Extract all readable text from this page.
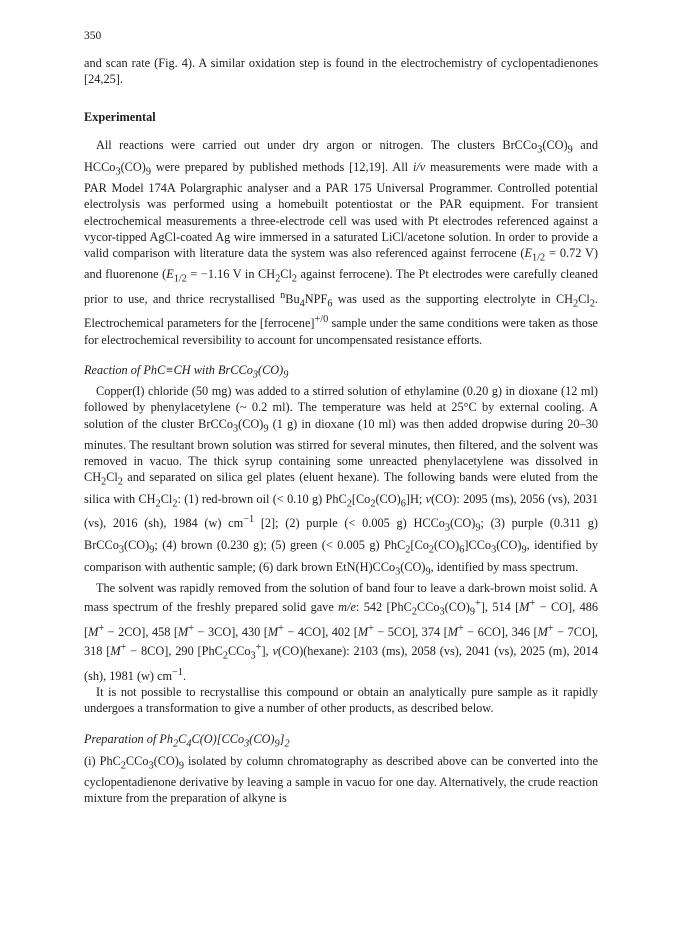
350

and scan rate (Fig. 4). A similar oxidation step is found in the electrochemistry of cyclopentadienones [24,25].

Experimental

All reactions were carried out under dry argon or nitrogen. The clusters $BrCCo_3(CO)_9$ and $HCCo_3(CO)_9$ were prepared by published methods [12,19]. All i/v measurements were made with a PAR Model 174A Polargraphic analyser and a PAR 175 Universal Programmer. Controlled potential electrolysis was performed using a homebuilt potentiostat or the PAR equipment. For transient electrochemical measurements a three-electrode cell was used with Pt electrodes referenced against a vycor-tipped AgCl-coated Ag wire immersed in a saturated LiCl/acetone solution. In order to provide a valid comparison with literature data the system was also referenced against ferrocene ($E_{1/2} = 0.72$ V) and fluorenone ($E_{1/2} = -1.16$ V in $CH_2Cl_2$ against ferrocene). The Pt electrodes were carefully cleaned prior to use, and thrice recrystallised $^nBu_4NPF_6$ was used as the supporting electrolyte in $CH_2Cl_2$. Electrochemical parameters for the [ferrocene]$^{+/0}$ sample under the same conditions were taken as those for electrochemical reversibility to account for uncompensated resistance efforts.

Reaction of PhC≡CH with $BrCCo_3(CO)_9$

Copper(I) chloride (50 mg) was added to a stirred solution of ethylamine (0.20 g) in dioxane (12 ml) followed by phenylacetylene (~ 0.2 ml). The temperature was held at 25°C by external cooling. A solution of the cluster $BrCCo_3(CO)_9$ (1 g) in dioxane (10 ml) was then added dropwise during 20–30 minutes. The resultant brown solution was stirred for several minutes, then filtered, and the solvent was removed in vacuo. The thick syrup containing some unreacted phenylacetylene was dissolved in $CH_2Cl_2$ and separated on silica gel plates (eluent hexane). The following bands were eluted from the silica with $CH_2Cl_2$: (1) red-brown oil (< 0.10 g) $PhC_2[Co_2(CO)_6]H$; ν(CO): 2095 (ms), 2056 (vs), 2031 (vs), 2016 (sh), 1984 (w) $cm^{-1}$ [2]; (2) purple (< 0.005 g) $HCCo_3(CO)_9$; (3) purple (0.311 g) $BrCCo_3(CO)_9$; (4) brown (0.230 g); (5) green (< 0.005 g) $PhC_2[Co_2(CO)_6]CCo_3(CO)_9$, identified by comparison with authentic sample; (6) dark brown $EtN(H)CCo_3(CO)_9$, identified by mass spectrum.

The solvent was rapidly removed from the solution of band four to leave a dark-brown moist solid. A mass spectrum of the freshly prepared solid gave m/e: 542 $[PhC_2CCo_3(CO)_9^+]$, 514 [M+ − CO], 486 [M+ − 2CO], 458 [M+ − 3CO], 430 [M+ − 4CO], 402 [M+ − 5CO], 374 [M+ − 6CO], 346 [M+ − 7CO], 318 [M+ − 8CO], 290 [PhC$_2$CCo$_3$+], ν(CO)(hexane): 2103 (ms), 2058 (vs), 2041 (vs), 2025 (m), 2014 (sh), 1981 (w) $cm^{-1}$.

It is not possible to recrystallise this compound or obtain an analytically pure sample as it rapidly undergoes a transformation to give a number of other products, as described below.

Preparation of $Ph_2C_4C(O)[CCo_3(CO)_9]_2$

(i) $PhC_2CCo_3(CO)_9$ isolated by column chromatography as described above can be converted into the cyclopentadienone derivative by leaving a sample in vacuo for one day. Alternatively, the crude reaction mixture from the preparation of alkyne is
